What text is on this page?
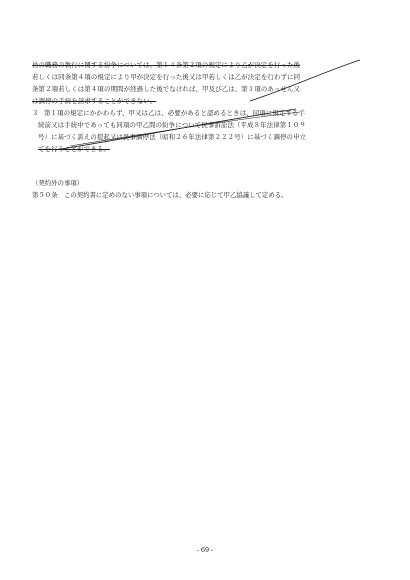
員の職務の執行に関する紛争については、第１４条第２項の規定により乙が決定を行った後
若しくは同条第４項の規定により甲が決定を行った後又は甲若しくは乙が決定を行わずに同
条第２項若しくは第４項の期間が経過した後でなければ、甲及び乙は、第１項のあっせん又
は調停の手続を請求することができない。
３ 第１項の規定にかかわらず、甲又は乙は、必要があると認めるときは、同項に規定する手
続前又は手続中であっても同項の甲乙間の紛争について民事訴訟法（平成８年法律第１０９
号）に基づく訴えの提起又は民事調停法（昭和２６年法律第２２２号）に基づく調停の申立
てを行うことができる。
（契約外の事項）
第５０条　この契約書に定めのない事項については、必要に応じて甲乙協議して定める。
- 69 -
